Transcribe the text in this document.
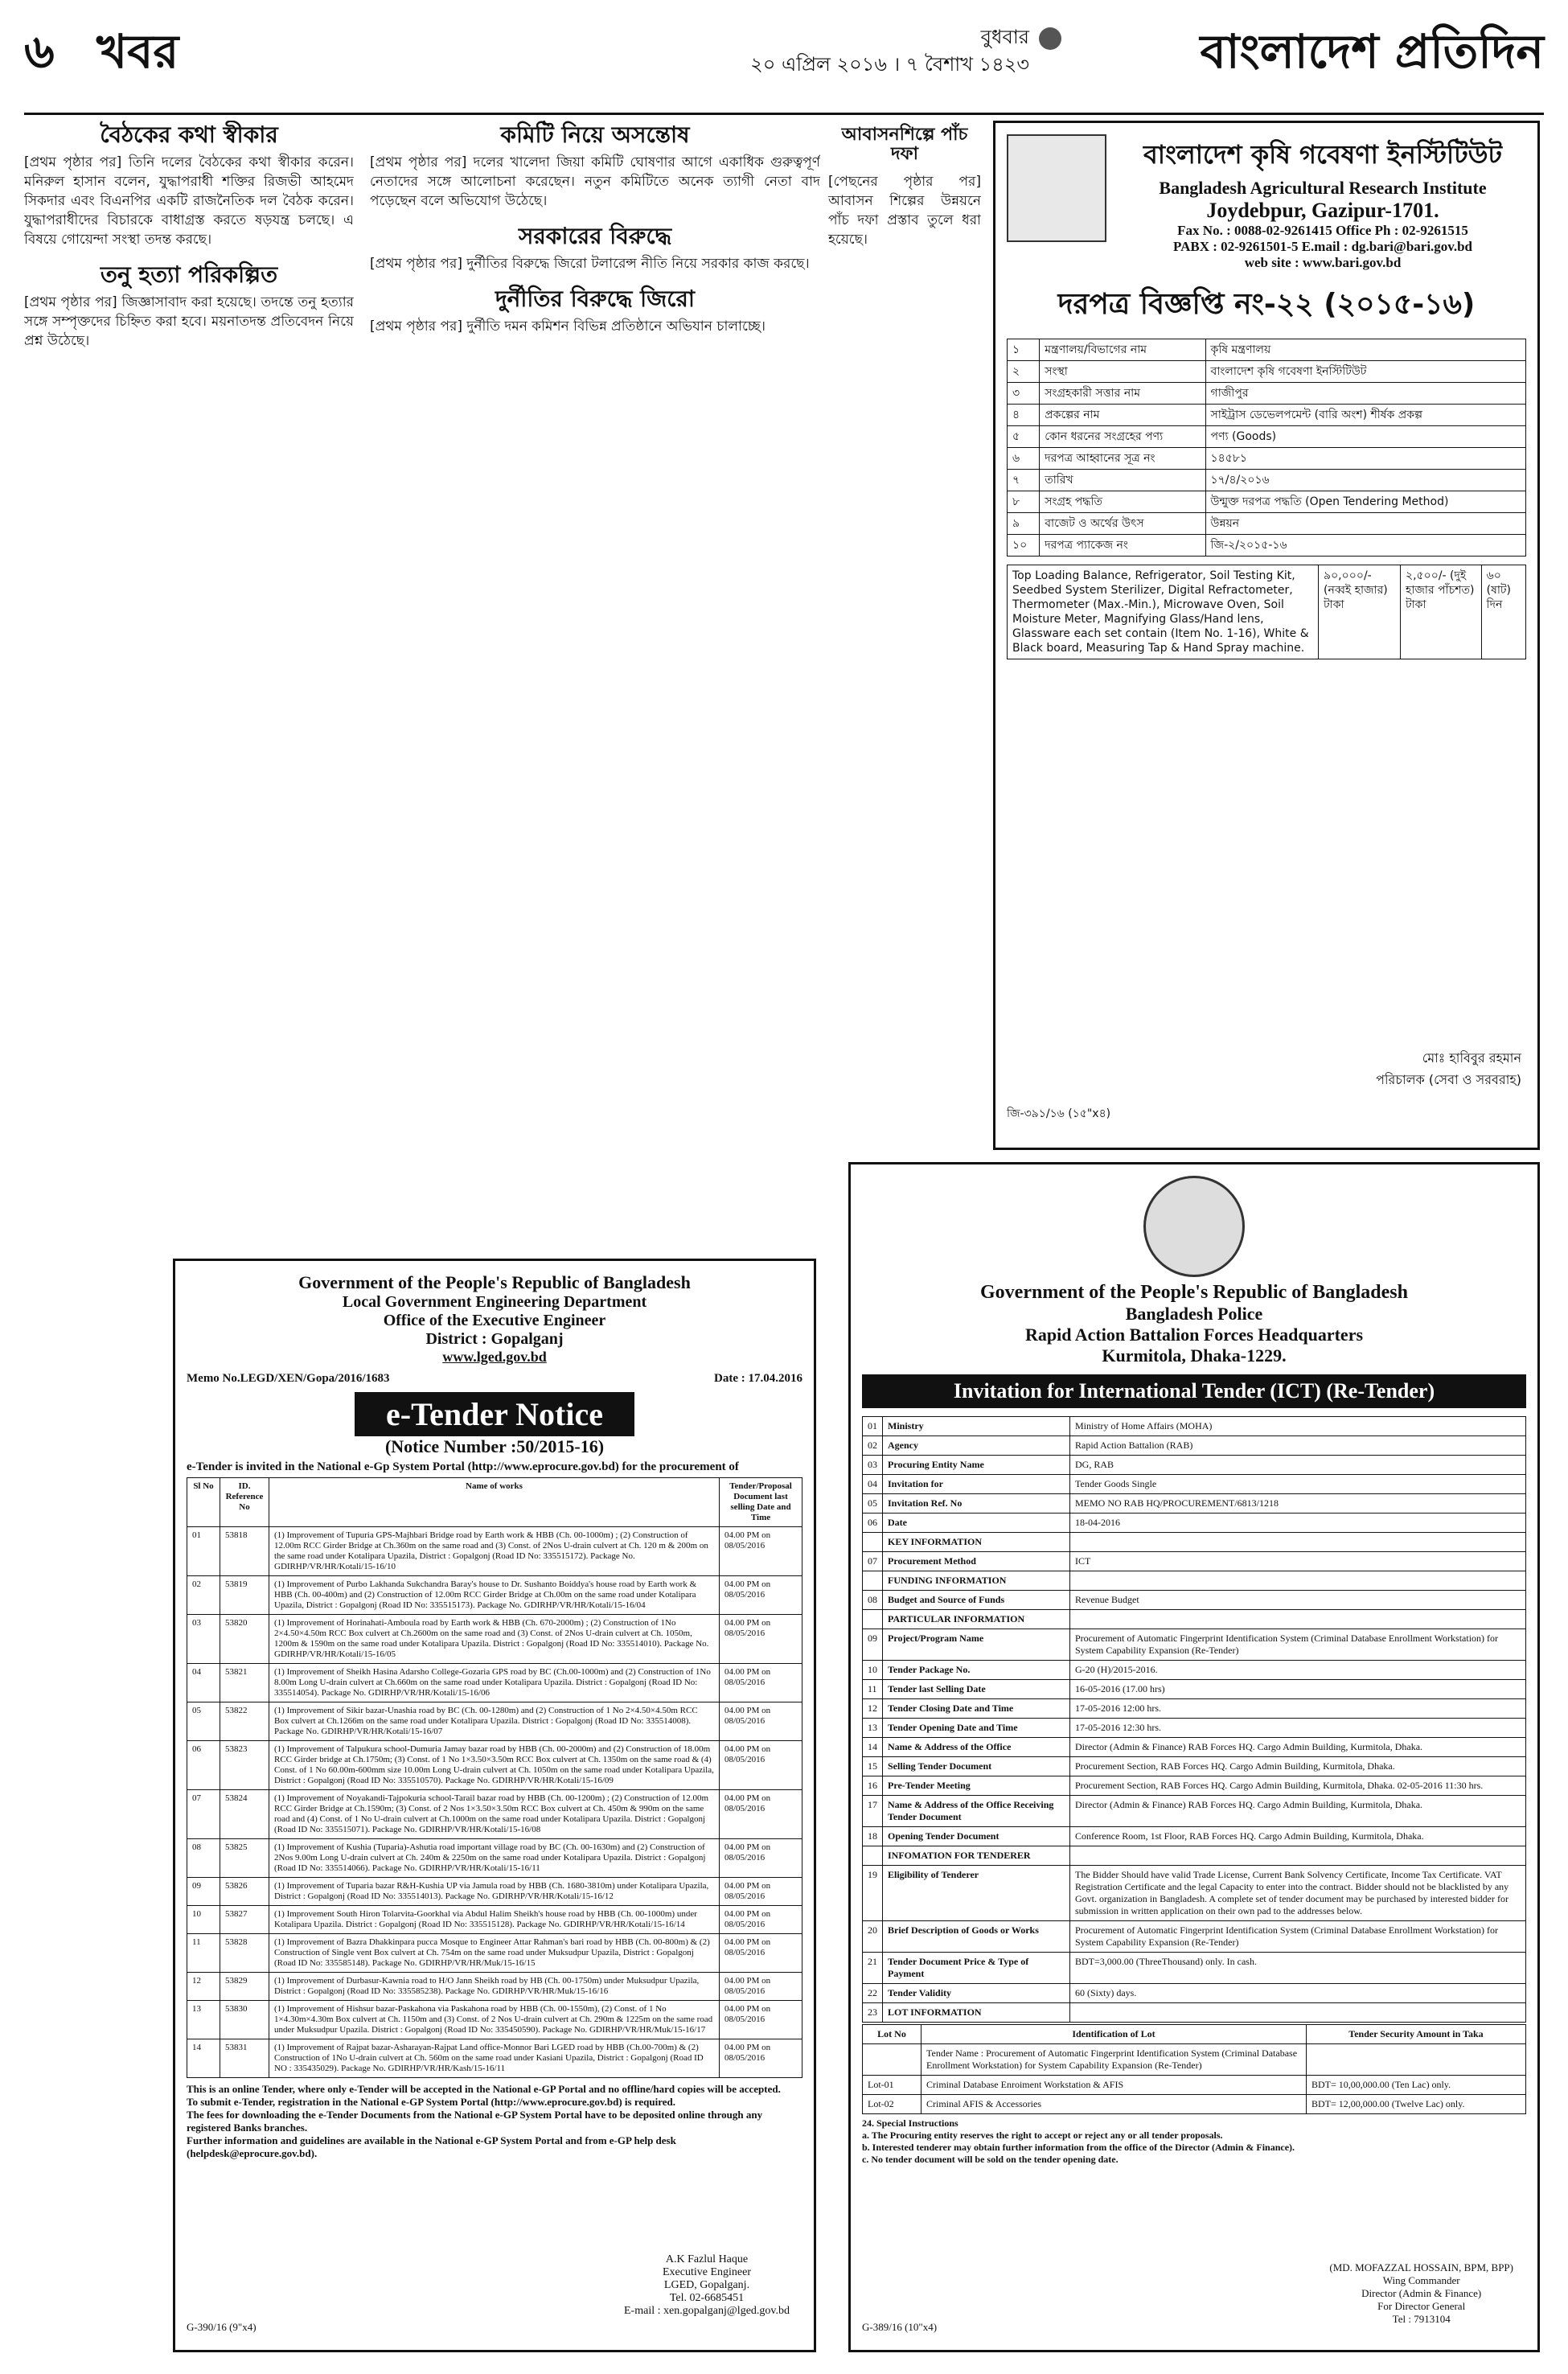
৬ খবর	বুধবার
২০ এপ্রিল ২০১৬ । ৭ বৈশাখ ১৪২৩	বাংলাদেশ প্রতিদিন
বৈঠকের কথা স্বীকার
[প্রথম পৃষ্ঠার পর] তিনি দলের বৈঠকের কথা স্বীকার করেন। মনিরুল হাসান বলেন, যুদ্ধাপরাধী শক্তির রিজভী আহমেদ সিকদার এবং বিএনপির একটি রাজনৈতিক দল বৈঠক করেন। যুদ্ধাপরাধীদের বিচারকে বাধাগ্রস্ত করতে ষড়যন্ত্র চলছে। এ বিষয়ে গোয়েন্দা সংস্থা তদন্ত করছে।
তনু হত্যা পরিকল্পিত
[প্রথম পৃষ্ঠার পর] জিজ্ঞাসাবাদ করা হয়েছে। তদন্তে তনু হত্যার সঙ্গে সম্পৃক্তদের চিহ্নিত করা হবে। ময়নাতদন্ত প্রতিবেদন নিয়ে প্রশ্ন উঠেছে।
কমিটি নিয়ে অসন্তোষ
[প্রথম পৃষ্ঠার পর] দলের খালেদা জিয়া কমিটি ঘোষণার আগে একাধিক গুরুত্বপূর্ণ নেতাদের সঙ্গে আলোচনা করেছেন। নতুন কমিটিতে অনেক ত্যাগী নেতা বাদ পড়েছেন বলে অভিযোগ উঠেছে।
সরকারের বিরুদ্ধে
[প্রথম পৃষ্ঠার পর] দুর্নীতির বিরুদ্ধে জিরো টলারেন্স নীতি নিয়ে সরকার কাজ করছে।
দুর্নীতির বিরুদ্ধে জিরো
[প্রথম পৃষ্ঠার পর] দুর্নীতি দমন কমিশন বিভিন্ন প্রতিষ্ঠানে অভিযান চালাচ্ছে।
আবাসনশিল্পে পাঁচ দফা
[পেছনের পৃষ্ঠার পর] আবাসন শিল্পের উন্নয়নে পাঁচ দফা প্রস্তাব তুলে ধরা হয়েছে।
বাংলাদেশ কৃষি গবেষণা ইনস্টিটিউট
Bangladesh Agricultural Research Institute
Joydebpur, Gazipur-1701.
Fax No. : 0088-02-9261415 Office Ph : 02-9261515
PABX : 02-9261501-5 E.mail : dg.bari@bari.gov.bd
web site : www.bari.gov.bd
দরপত্র বিজ্ঞপ্তি নং-২২ (২০১৫-১৬)
১	মন্ত্রণালয়/বিভাগের নাম	কৃষি মন্ত্রণালয়
২	সংস্থা	বাংলাদেশ কৃষি গবেষণা ইনস্টিটিউট
৩	সংগ্রহকারী সত্তার নাম	গাজীপুর
৪	প্রকল্পের নাম	সাইট্রাস ডেভেলপমেন্ট (বারি অংশ) শীর্ষক প্রকল্প
৫	কোন ধরনের সংগ্রহের পণ্য	পণ্য (Goods)
৬	দরপত্র আহ্বানের সূত্র নং	১৪৫৮১
৭	তারিখ	১৭/৪/২০১৬
৮	সংগ্রহ পদ্ধতি	উন্মুক্ত দরপত্র পদ্ধতি (Open Tendering Method)
৯	বাজেট ও অর্থের উৎস	উন্নয়ন
১০	দরপত্র প্যাকেজ নং	জি-২/২০১৫-১৬
Top Loading Balance, Refrigerator, Soil Testing Kit, Seedbed System Sterilizer, Digital Refractometer, Thermometer (Max.-Min.), Microwave Oven, Soil Moisture Meter, Magnifying Glass/Hand lens, Glassware each set contain (Item No. 1-16), White & Black board, Measuring Tap & Hand Spray machine.	৯০,০০০/- (নব্বই হাজার) টাকা	২,৫০০/- (দুই হাজার পাঁচশত) টাকা	৬০ (ষাট) দিন
মোঃ হাবিবুর রহমান
পরিচালক (সেবা ও সরবরাহ)
জি-৩৯১/১৬ (১৫"x৪)
Government of the People's Republic of Bangladesh
Local Government Engineering Department
Office of the Executive Engineer
District : Gopalganj
www.lged.gov.bd
Memo No.LEGD/XEN/Gopa/2016/1683	Date : 17.04.2016
e-Tender Notice
(Notice Number :50/2015-16)
e-Tender is invited in the National e-Gp System Portal (http://www.eprocure.gov.bd) for the procurement of
Sl No	ID. Reference No	Name of works	Tender/Proposal Document last selling Date and Time
01	53818	(1) Improvement of Tupuria GPS-Majhbari Bridge road by Earth work & HBB (Ch. 00-1000m) ; (2) Construction of 12.00m RCC Girder Bridge at Ch.360m on the same road and (3) Const. of 2Nos U-drain culvert at Ch. 120 m & 200m on the same road under Kotalipara Upazila, District : Gopalgonj (Road ID No: 335515172). Package No. GDIRHP/VR/HR/Kotali/15-16/10	04.00 PM on 08/05/2016
02	53819	(1) Improvement of Purbo Lakhanda Sukchandra Baray's house to Dr. Sushanto Boiddya's house road by Earth work & HBB (Ch. 00-400m) and (2) Construction of 12.00m RCC Girder Bridge at Ch.00m on the same road under Kotalipara Upazila, District : Gopalgonj (Road ID No: 335515173). Package No. GDIRHP/VR/HR/Kotali/15-16/04	04.00 PM on 08/05/2016
03	53820	(1) Improvement of Horinahati-Amboula road by Earth work & HBB (Ch. 670-2000m) ; (2) Construction of 1No 2×4.50×4.50m RCC Box culvert at Ch.2600m on the same road and (3) Const. of 2Nos U-drain culvert at Ch. 1050m, 1200m & 1590m on the same road under Kotalipara Upazila. District : Gopalgonj (Road ID No: 335514010). Package No. GDIRHP/VR/HR/Kotali/15-16/05	04.00 PM on 08/05/2016
04	53821	(1) Improvement of Sheikh Hasina Adarsho College-Gozaria GPS road by BC (Ch.00-1000m) and (2) Construction of 1No 8.00m Long U-drain culvert at Ch.660m on the same road under Kotalipara Upazila. District : Gopalgonj (Road ID No: 335514054). Package No. GDIRHP/VR/HR/Kotali/15-16/06	04.00 PM on 08/05/2016
05	53822	(1) Improvement of Sikir bazar-Unashia road by BC (Ch. 00-1280m) and (2) Construction of 1 No 2×4.50×4.50m RCC Box culvert at Ch.1266m on the same road under Kotalipara Upazila. District : Gopalgonj (Road ID No: 335514008). Package No. GDIRHP/VR/HR/Kotali/15-16/07	04.00 PM on 08/05/2016
06	53823	(1) Improvement of Talpukura school-Dumuria Jamay bazar road by HBB (Ch. 00-2000m) and (2) Construction of 18.00m RCC Girder bridge at Ch.1750m; (3) Const. of 1 No 1×3.50×3.50m RCC Box culvert at Ch. 1350m on the same road & (4) Const. of 1 No 60.00m-600mm size 10.00m Long U-drain culvert at Ch. 1050m on the same road under Kotalipara Upazila, District : Gopalgonj (Road ID No: 335510570). Package No. GDIRHP/VR/HR/Kotali/15-16/09	04.00 PM on 08/05/2016
07	53824	(1) Improvement of Noyakandi-Tajpokuria school-Tarail bazar road by HBB (Ch. 00-1200m) ; (2) Construction of 12.00m RCC Girder Bridge at Ch.1590m; (3) Const. of 2 Nos 1×3.50×3.50m RCC Box culvert at Ch. 450m & 990m on the same road and (4) Const. of 1 No U-drain culvert at Ch.1000m on the same road under Kotalipara Upazila. District : Gopalgonj (Road ID No: 335515071). Package No. GDIRHP/VR/HR/Kotali/15-16/08	04.00 PM on 08/05/2016
08	53825	(1) Improvement of Kushia (Tuparia)-Ashutia road important village road by BC (Ch. 00-1630m) and (2) Construction of 2Nos 9.00m Long U-drain culvert at Ch. 240m & 2250m on the same road under Kotalipara Upazila. District : Gopalgonj (Road ID No: 335514066). Package No. GDIRHP/VR/HR/Kotali/15-16/11	04.00 PM on 08/05/2016
09	53826	(1) Improvement of Tuparia bazar R&H-Kushia UP via Jamula road by HBB (Ch. 1680-3810m) under Kotalipara Upazila, District : Gopalgonj (Road ID No: 335514013). Package No. GDIRHP/VR/HR/Kotali/15-16/12	04.00 PM on 08/05/2016
10	53827	(1) Improvement South Hiron Tolarvita-Goorkhal via Abdul Halim Sheikh's house road by HBB (Ch. 00-1000m) under Kotalipara Upazila. District : Gopalgonj (Road ID No: 335515128). Package No. GDIRHP/VR/HR/Kotali/15-16/14	04.00 PM on 08/05/2016
11	53828	(1) Improvement of Bazra Dhakkinpara pucca Mosque to Engineer Attar Rahman's bari road by HBB (Ch. 00-800m) & (2) Construction of Single vent Box culvert at Ch. 754m on the same road under Muksudpur Upazila, District : Gopalgonj (Road ID No: 335585148). Package No. GDIRHP/VR/HR/Muk/15-16/15	04.00 PM on 08/05/2016
12	53829	(1) Improvement of Durbasur-Kawnia road to H/O Jann Sheikh road by HB (Ch. 00-1750m) under Muksudpur Upazila, District : Gopalgonj (Road ID No: 335585238). Package No. GDIRHP/VR/HR/Muk/15-16/16	04.00 PM on 08/05/2016
13	53830	(1) Improvement of Hishsur bazar-Paskahona via Paskahona road by HBB (Ch. 00-1550m), (2) Const. of 1 No 1×4.30m×4.30m Box culvert at Ch. 1150m and (3) Const. of 2 Nos U-drain culvert at Ch. 290m & 1225m on the same road under Muksudpur Upazila. District : Gopalgonj (Road ID No: 335450590). Package No. GDIRHP/VR/HR/Muk/15-16/17	04.00 PM on 08/05/2016
14	53831	(1) Improvement of Rajpat bazar-Asharayan-Rajpat Land office-Monnor Bari LGED road by HBB (Ch.00-700m) & (2) Construction of 1No U-drain culvert at Ch. 560m on the same road under Kasiani Upazila, District : Gopalgonj (Road ID NO : 335435029). Package No. GDIRHP/VR/HR/Kash/15-16/11	04.00 PM on 08/05/2016
This is an online Tender, where only e-Tender will be accepted in the National e-GP Portal and no offline/hard copies will be accepted.
To submit e-Tender, registration in the National e-GP System Portal (http://www.eprocure.gov.bd) is required.
The fees for downloading the e-Tender Documents from the National e-GP System Portal have to be deposited online through any registered Banks branches.
Further information and guidelines are available in the National e-GP System Portal and from e-GP help desk (helpdesk@eprocure.gov.bd).
A.K Fazlul Haque
Executive Engineer
LGED, Gopalganj.
Tel. 02-6685451
E-mail : xen.gopalganj@lged.gov.bd
G-390/16 (9"x4)
Government of the People's Republic of Bangladesh
Bangladesh Police
Rapid Action Battalion Forces Headquarters
Kurmitola, Dhaka-1229.
Invitation for International Tender (ICT) (Re-Tender)
01	Ministry	Ministry of Home Affairs (MOHA)
02	Agency	Rapid Action Battalion (RAB)
03	Procuring Entity Name	DG, RAB
04	Invitation for	Tender Goods Single
05	Invitation Ref. No	MEMO NO RAB HQ/PROCUREMENT/6813/1218
06	Date	18-04-2016
	KEY INFORMATION	
07	Procurement Method	ICT
	FUNDING INFORMATION	
08	Budget and Source of Funds	Revenue Budget
	PARTICULAR INFORMATION	
09	Project/Program Name	Procurement of Automatic Fingerprint Identification System (Criminal Database Enrollment Workstation) for System Capability Expansion (Re-Tender)
10	Tender Package No.	G-20 (H)/2015-2016.
11	Tender last Selling Date	16-05-2016 (17.00 hrs)
12	Tender Closing Date and Time	17-05-2016 12:00 hrs.
13	Tender Opening Date and Time	17-05-2016 12:30 hrs.
14	Name & Address of the Office	Director (Admin & Finance) RAB Forces HQ. Cargo Admin Building, Kurmitola, Dhaka.
15	Selling Tender Document	Procurement Section, RAB Forces HQ. Cargo Admin Building, Kurmitola, Dhaka.
16	Pre-Tender Meeting	Procurement Section, RAB Forces HQ. Cargo Admin Building, Kurmitola, Dhaka. 02-05-2016 11:30 hrs.
17	Name & Address of the Office Receiving Tender Document	Director (Admin & Finance) RAB Forces HQ. Cargo Admin Building, Kurmitola, Dhaka.
18	Opening Tender Document	Conference Room, 1st Floor, RAB Forces HQ. Cargo Admin Building, Kurmitola, Dhaka.
	INFOMATION FOR TENDERER	
19	Eligibility of Tenderer	The Bidder Should have valid Trade License, Current Bank Solvency Certificate, Income Tax Certificate. VAT Registration Certificate and the legal Capacity to enter into the contract. Bidder should not be blacklisted by any Govt. organization in Bangladesh. A complete set of tender document may be purchased by interested bidder for submission in written application on their own pad to the addresses below.
20	Brief Description of Goods or Works	Procurement of Automatic Fingerprint Identification System (Criminal Database Enrollment Workstation) for System Capability Expansion (Re-Tender)
21	Tender Document Price & Type of Payment	BDT=3,000.00 (ThreeThousand) only. In cash.
22	Tender Validity	60 (Sixty) days.
23	LOT INFORMATION	
Lot No	Identification of Lot	Tender Security Amount in Taka
	Tender Name : Procurement of Automatic Fingerprint Identification System (Criminal Database Enrollment Workstation) for System Capability Expansion (Re-Tender)	
Lot-01	Criminal Database Enroiment Workstation & AFIS	BDT= 10,00,000.00 (Ten Lac) only.
Lot-02	Criminal AFIS & Accessories	BDT= 12,00,000.00 (Twelve Lac) only.
24. Special Instructions
a. The Procuring entity reserves the right to accept or reject any or all tender proposals.
b. Interested tenderer may obtain further information from the office of the Director (Admin & Finance).
c. No tender document will be sold on the tender opening date.
(MD. MOFAZZAL HOSSAIN, BPM, BPP)
Wing Commander
Director (Admin & Finance)
For Director General
Tel : 7913104
G-389/16 (10"x4)
